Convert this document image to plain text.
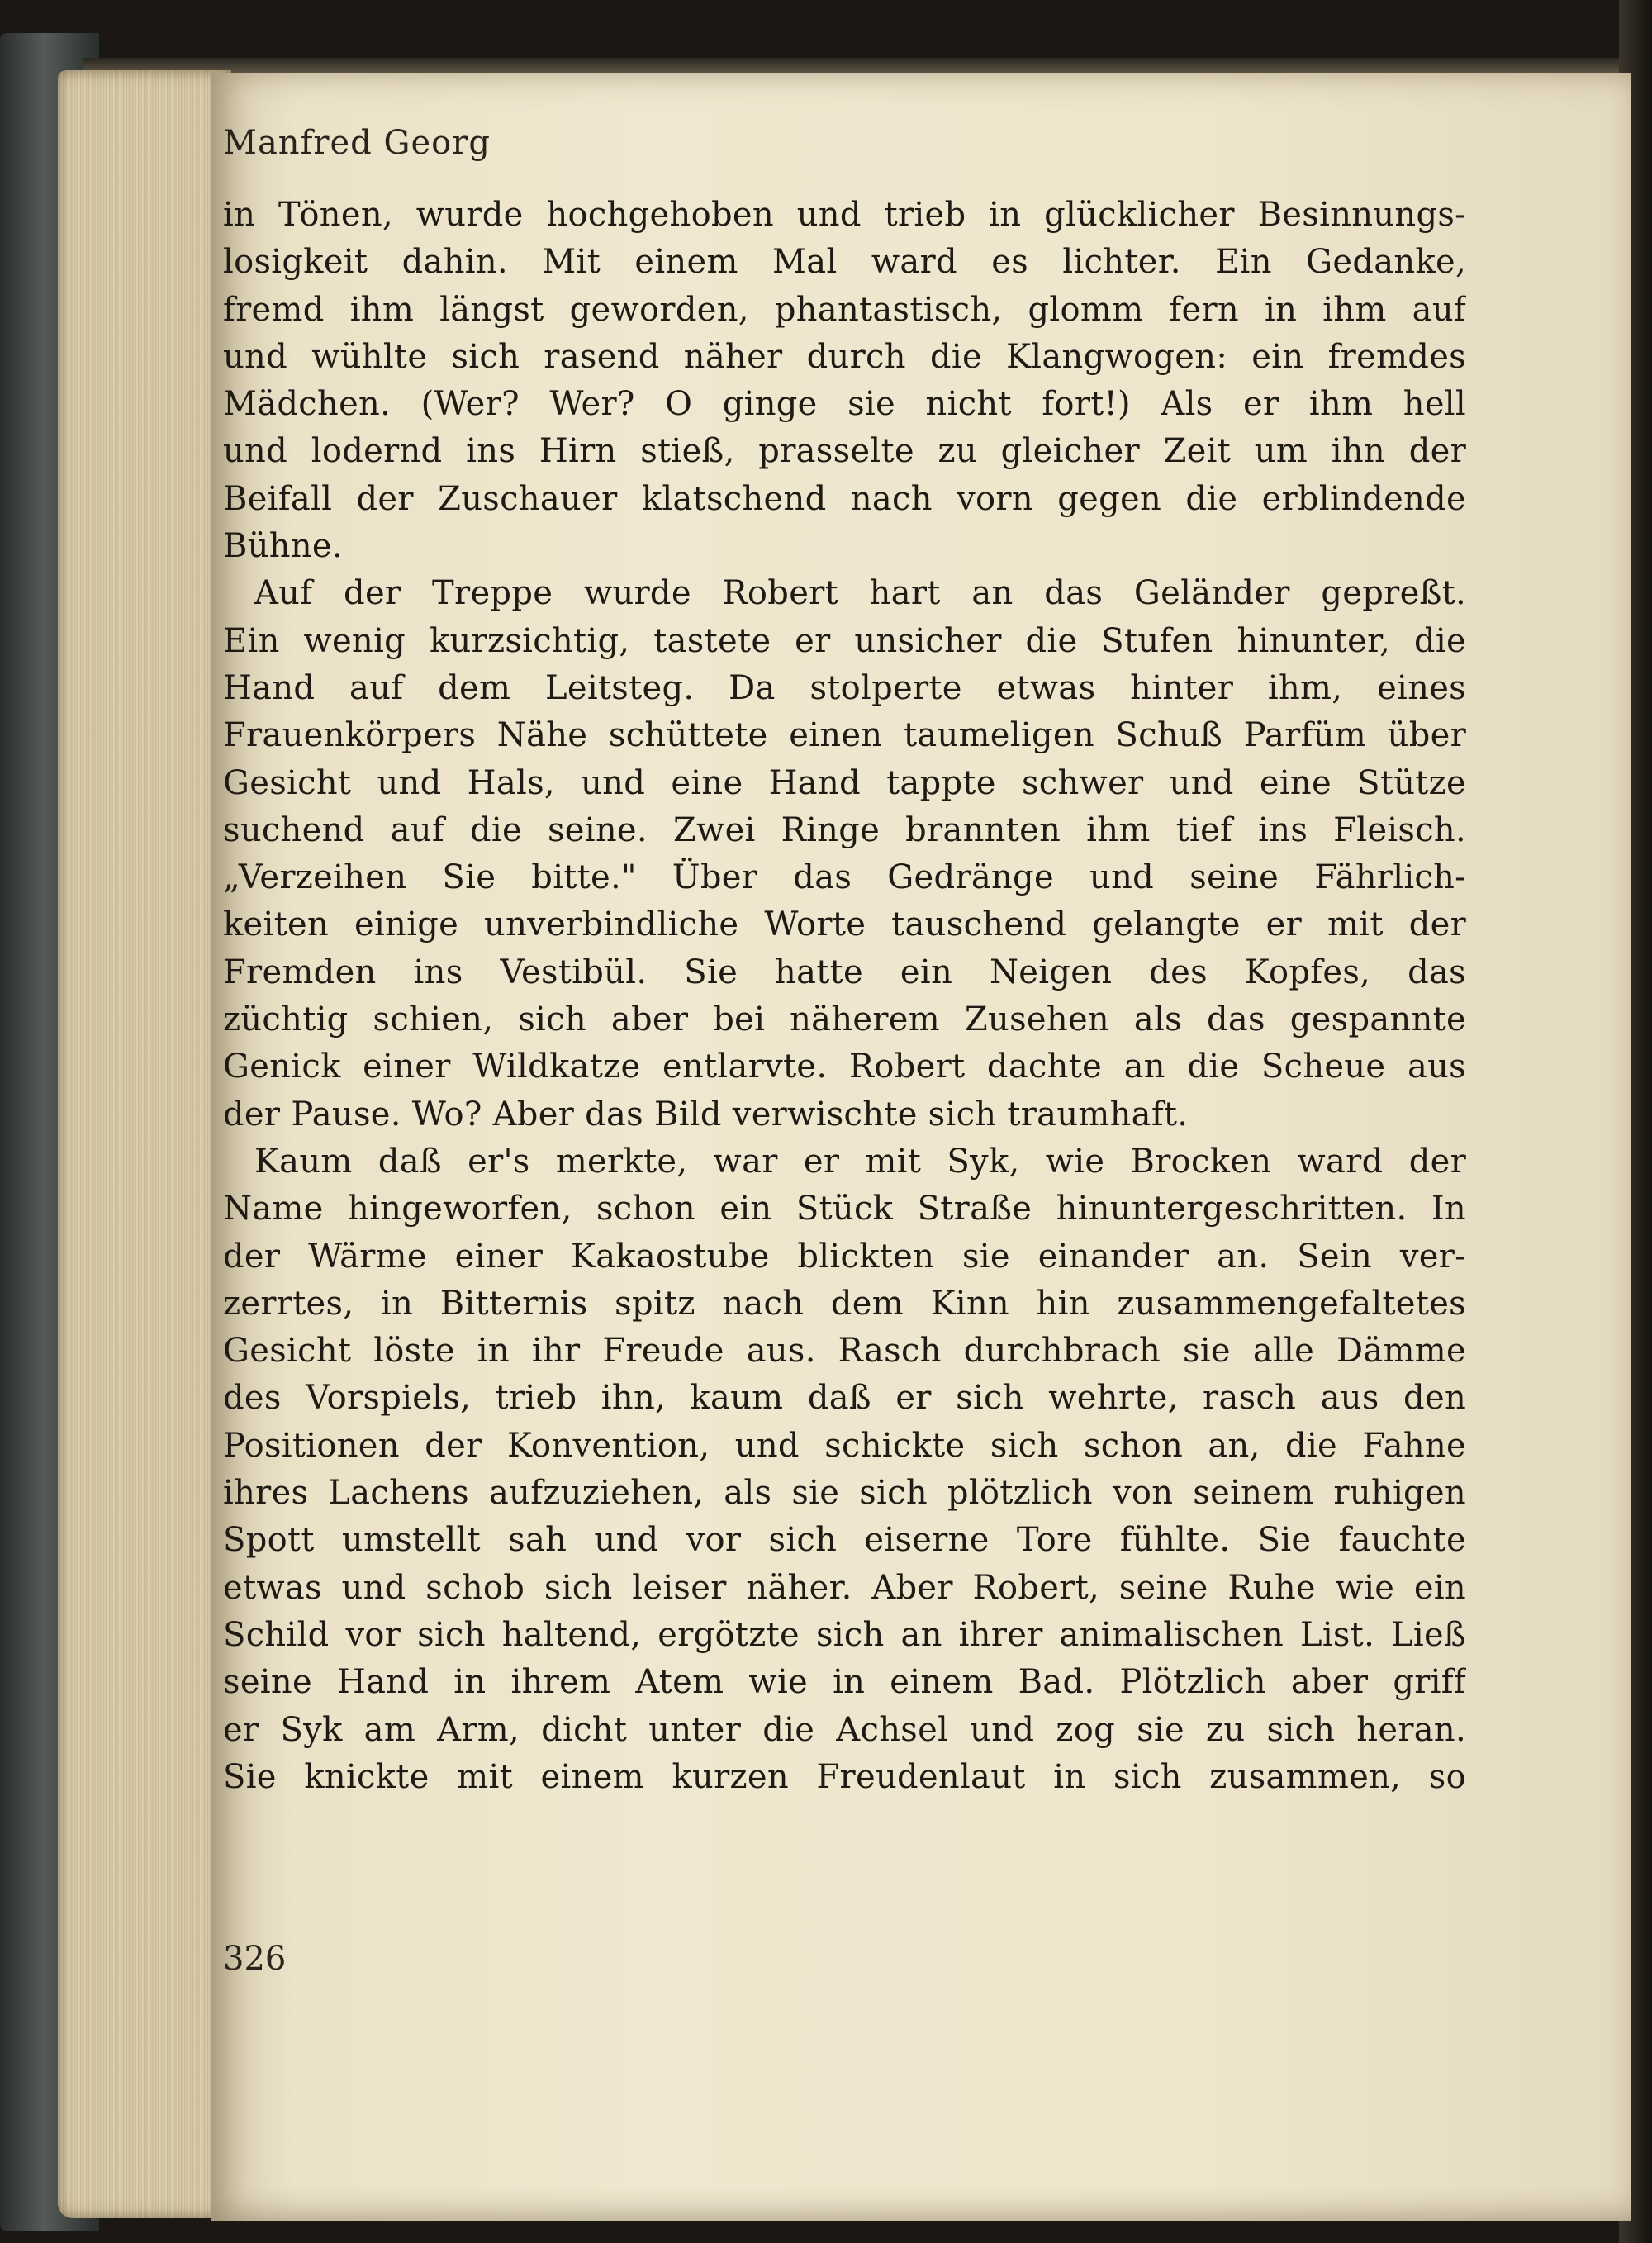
Manfred Georg
in Tönen, wurde hochgehoben und trieb in glücklicher Besinnungs-
losigkeit dahin. Mit einem Mal ward es lichter. Ein Gedanke,
fremd ihm längst geworden, phantastisch, glomm fern in ihm auf
und wühlte sich rasend näher durch die Klangwogen: ein fremdes
Mädchen. (Wer? Wer? O ginge sie nicht fort!) Als er ihm hell
und lodernd ins Hirn stieß, prasselte zu gleicher Zeit um ihn der
Beifall der Zuschauer klatschend nach vorn gegen die erblindende
Bühne.
Auf der Treppe wurde Robert hart an das Geländer gepreßt.
Ein wenig kurzsichtig, tastete er unsicher die Stufen hinunter, die
Hand auf dem Leitsteg. Da stolperte etwas hinter ihm, eines
Frauenkörpers Nähe schüttete einen taumeligen Schuß Parfüm über
Gesicht und Hals, und eine Hand tappte schwer und eine Stütze
suchend auf die seine. Zwei Ringe brannten ihm tief ins Fleisch.
„Verzeihen Sie bitte." Über das Gedränge und seine Fährlich-
keiten einige unverbindliche Worte tauschend gelangte er mit der
Fremden ins Vestibül. Sie hatte ein Neigen des Kopfes, das
züchtig schien, sich aber bei näherem Zusehen als das gespannte
Genick einer Wildkatze entlarvte. Robert dachte an die Scheue aus
der Pause. Wo? Aber das Bild verwischte sich traumhaft.
Kaum daß er's merkte, war er mit Syk, wie Brocken ward der
Name hingeworfen, schon ein Stück Straße hinuntergeschritten. In
der Wärme einer Kakaostube blickten sie einander an. Sein ver-
zerrtes, in Bitternis spitz nach dem Kinn hin zusammengefaltetes
Gesicht löste in ihr Freude aus. Rasch durchbrach sie alle Dämme
des Vorspiels, trieb ihn, kaum daß er sich wehrte, rasch aus den
Positionen der Konvention, und schickte sich schon an, die Fahne
ihres Lachens aufzuziehen, als sie sich plötzlich von seinem ruhigen
Spott umstellt sah und vor sich eiserne Tore fühlte. Sie fauchte
etwas und schob sich leiser näher. Aber Robert, seine Ruhe wie ein
Schild vor sich haltend, ergötzte sich an ihrer animalischen List. Ließ
seine Hand in ihrem Atem wie in einem Bad. Plötzlich aber griff
er Syk am Arm, dicht unter die Achsel und zog sie zu sich heran.
Sie knickte mit einem kurzen Freudenlaut in sich zusammen, so
326
